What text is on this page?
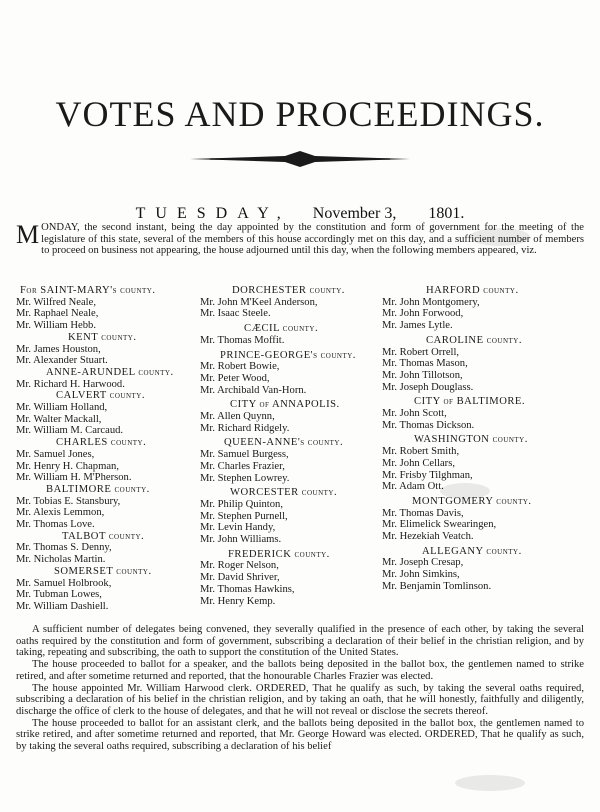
VOTES AND PROCEEDINGS.
TUESDAY, November 3, 1801.
MONDAY, the second instant, being the day appointed by the constitution and form of government for the meeting of the legislature of this state, several of the members of this house accordingly met on this day, and a sufficient number of members to proceed on business not appearing, the house adjourned until this day, when the following members appeared, viz.
For SAINT-MARY's county.
Mr. Wilfred Neale,
Mr. Raphael Neale,
Mr. William Hebb.
KENT county.
Mr. James Houston,
Mr. Alexander Stuart.
ANNE-ARUNDEL county.
Mr. Richard H. Harwood.
CALVERT county.
Mr. William Holland,
Mr. Walter Mackall,
Mr. William M. Carcaud.
CHARLES county.
Mr. Samuel Jones,
Mr. Henry H. Chapman,
Mr. William H. M'Pherson.
BALTIMORE county.
Mr. Tobias E. Stansbury,
Mr. Alexis Lemmon,
Mr. Thomas Love.
TALBOT county.
Mr. Thomas S. Denny,
Mr. Nicholas Martin.
SOMERSET county.
Mr. Samuel Holbrook,
Mr. Tubman Lowes,
Mr. William Dashiell.
DORCHESTER county.
Mr. John M'Keel Anderson,
Mr. Isaac Steele.
CÆCIL county.
Mr. Thomas Moffit.
PRINCE-GEORGE's county.
Mr. Robert Bowie,
Mr. Peter Wood,
Mr. Archibald Van-Horn.
CITY of ANNAPOLIS.
Mr. Allen Quynn,
Mr. Richard Ridgely.
QUEEN-ANNE's county.
Mr. Samuel Burgess,
Mr. Charles Frazier,
Mr. Stephen Lowrey.
WORCESTER county.
Mr. Philip Quinton,
Mr. Stephen Purnell,
Mr. Levin Handy,
Mr. John Williams.
FREDERICK county.
Mr. Roger Nelson,
Mr. David Shriver,
Mr. Thomas Hawkins,
Mr. Henry Kemp.
HARFORD county.
Mr. John Montgomery,
Mr. John Forwood,
Mr. James Lytle.
CAROLINE county.
Mr. Robert Orrell,
Mr. Thomas Mason,
Mr. John Tillotson,
Mr. Joseph Douglass.
CITY of BALTIMORE.
Mr. John Scott,
Mr. Thomas Dickson.
WASHINGTON county.
Mr. Robert Smith,
Mr. John Cellars,
Mr. Frisby Tilghman,
Mr. Adam Ott.
MONTGOMERY county.
Mr. Thomas Davis,
Mr. Elimelick Swearingen,
Mr. Hezekiah Veatch.
ALLEGANY county.
Mr. Joseph Cresap,
Mr. John Simkins,
Mr. Benjamin Tomlinson.

A sufficient number of delegates being convened, they severally qualified in the presence of each other, by taking the several oaths required by the constitution and form of government, subscribing a declaration of their belief in the christian religion, and by taking, repeating and subscribing, the oath to support the constitution of the United States.

The house proceeded to ballot for a speaker, and the ballots being deposited in the ballot box, the gentlemen named to strike retired, and after sometime returned and reported, that the honourable Charles Frazier was elected.

The house appointed Mr. William Harwood clerk. ORDERED, That he qualify as such, by taking the several oaths required, subscribing a declaration of his belief in the christian religion, and by taking an oath, that he will honestly, faithfully and diligently, discharge the office of clerk to the house of delegates, and that he will not reveal or disclose the secrets thereof.

The house proceeded to ballot for an assistant clerk, and the ballots being deposited in the ballot box, the gentlemen named to strike retired, and after sometime returned and reported, that Mr. George Howard was elected. ORDERED, That he qualify as such, by taking the several oaths required, subscribing a declaration of his belief
